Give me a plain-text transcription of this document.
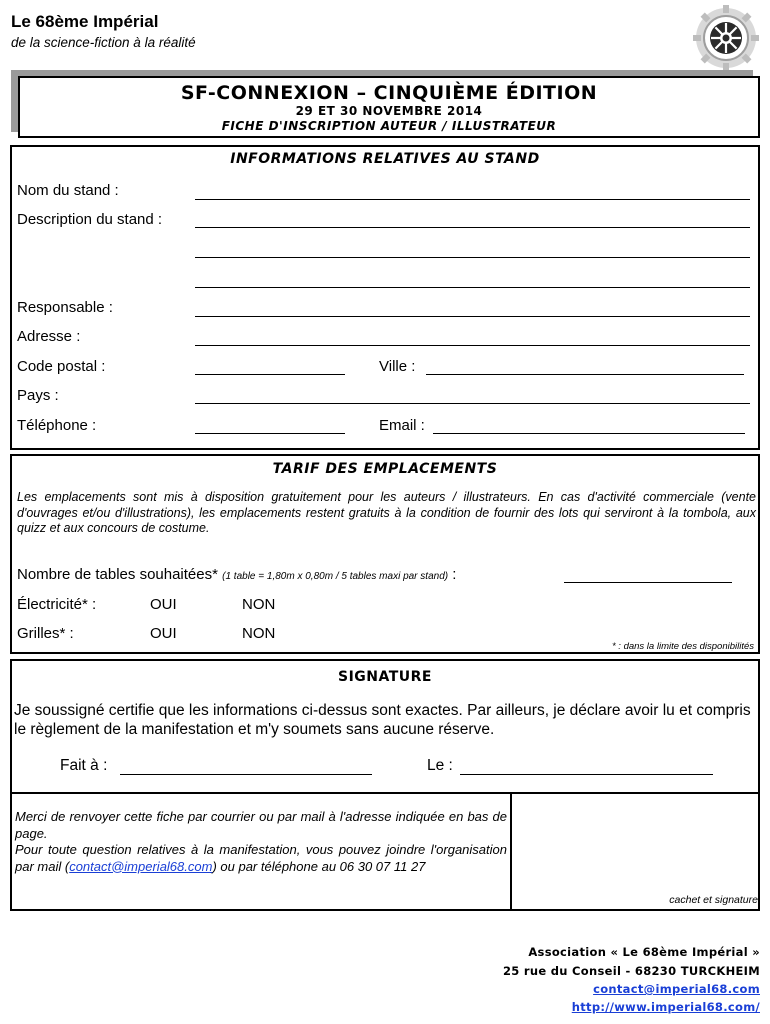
Le 68ème Impérial
de la science-fiction à la réalité
SF-CONNEXION – CINQUIÈME ÉDITION
29 ET 30 NOVEMBRE 2014
FICHE D'INSCRIPTION AUTEUR / ILLUSTRATEUR
INFORMATIONS RELATIVES AU STAND
Nom du stand :
Description du stand :
Responsable :
Adresse :
Code postal :	Ville :
Pays :
Téléphone :	Email :
TARIF DES EMPLACEMENTS
Les emplacements sont mis à disposition gratuitement pour les auteurs / illustrateurs. En cas d'activité commerciale (vente d'ouvrages et/ou d'illustrations), les emplacements restent gratuits à la condition de fournir des lots qui serviront à la tombola, aux quizz et aux concours de costume.
Nombre de tables souhaitées* (1 table = 1,80m x 0,80m / 5 tables maxi par stand) :
Électricité* :	OUI	NON
Grilles* :	OUI	NON
* : dans la limite des disponibilités
SIGNATURE
Je soussigné certifie que les informations ci-dessus sont exactes. Par ailleurs, je déclare avoir lu et compris le règlement de la manifestation et m'y soumets sans aucune réserve.
Fait à :	Le :
Merci de renvoyer cette fiche par courrier ou par mail à l'adresse indiquée en bas de page.
Pour toute question relatives à la manifestation, vous pouvez joindre l'organisation par mail (contact@imperial68.com) ou par téléphone au 06 30 07 11 27
cachet et signature
Association « Le 68ème Impérial »
25 rue du Conseil - 68230 TURCKHEIM
contact@imperial68.com
http://www.imperial68.com/
